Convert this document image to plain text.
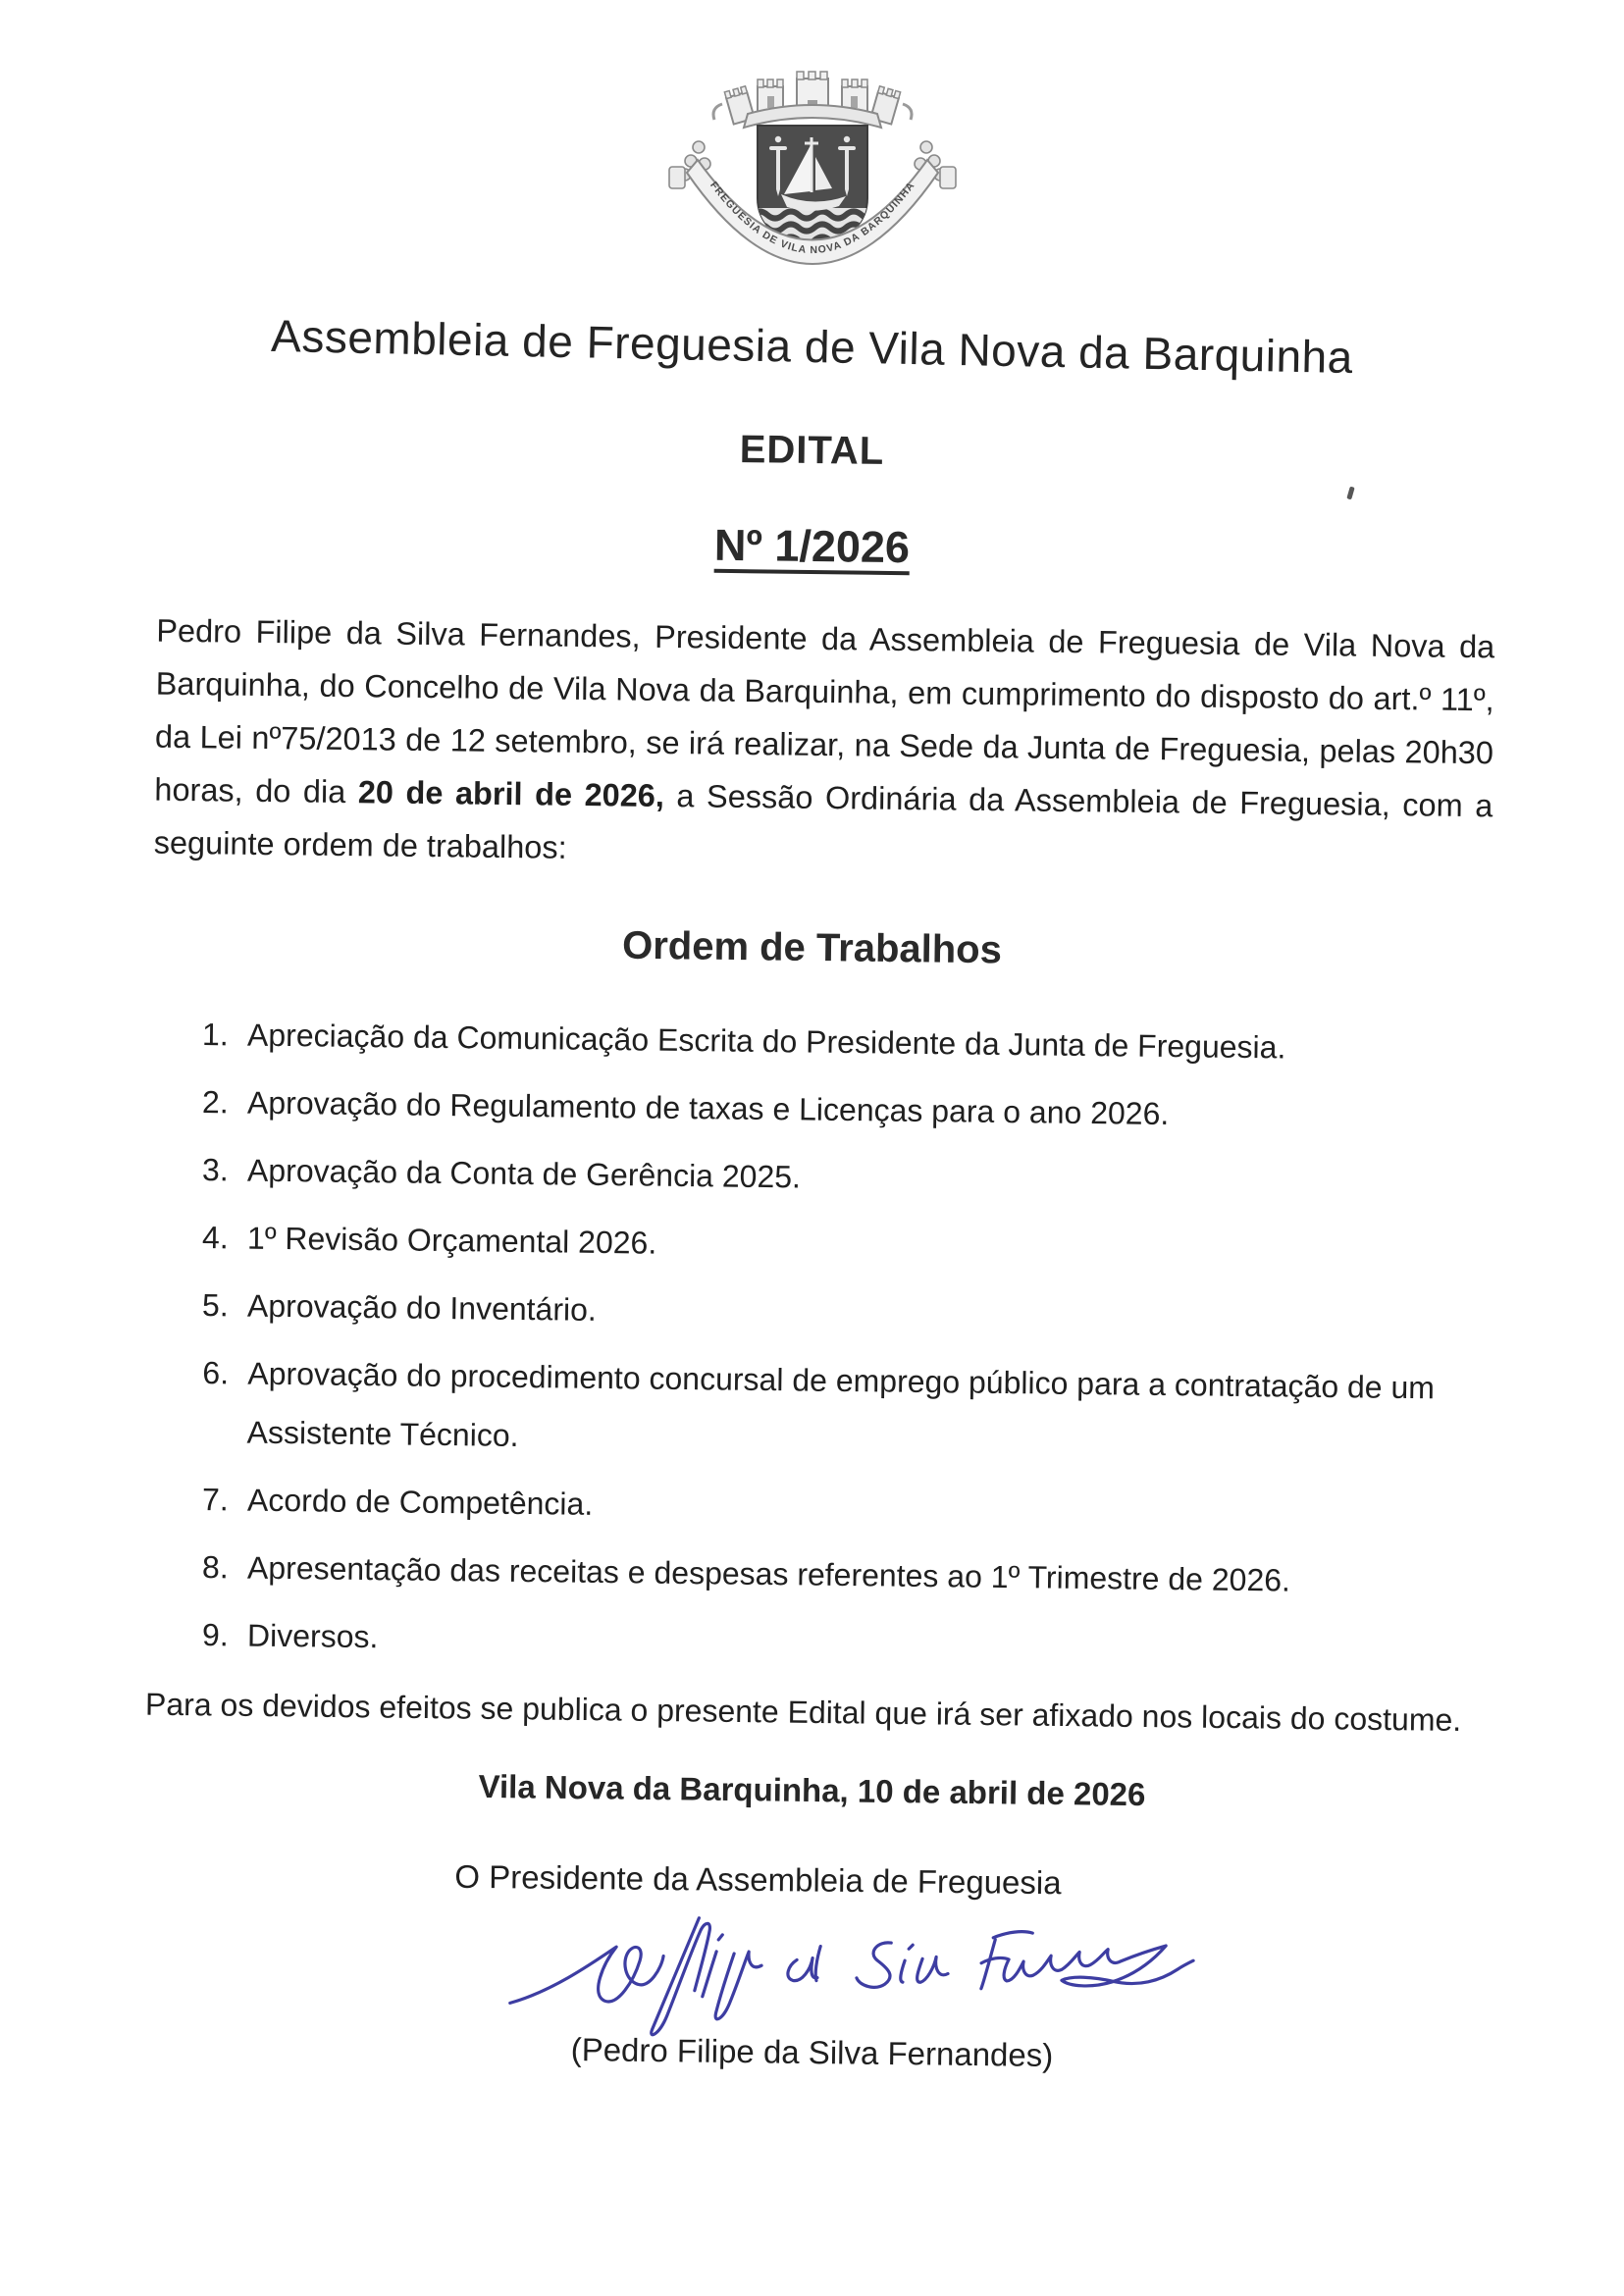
FREGUESIA DE VILA NOVA DA BARQUINHA
Assembleia de Freguesia de Vila Nova da Barquinha
EDITAL
Nº 1/2026

Pedro Filipe da Silva Fernandes, Presidente da Assembleia de Freguesia de Vila Nova da Barquinha, do Concelho de Vila Nova da Barquinha, em cumprimento do disposto do art.º 11º, da Lei nº75/2013 de 12 setembro, se irá realizar, na Sede da Junta de Freguesia, pelas 20h30 horas, do dia 20 de abril de 2026, a Sessão Ordinária da Assembleia de Freguesia, com a seguinte ordem de trabalhos:

Ordem de Trabalhos
1. Apreciação da Comunicação Escrita do Presidente da Junta de Freguesia.
2. Aprovação do Regulamento de taxas e Licenças para o ano 2026.
3. Aprovação da Conta de Gerência 2025.
4. 1º Revisão Orçamental 2026.
5. Aprovação do Inventário.
6. Aprovação do procedimento concursal de emprego público para a contratação de um Assistente Técnico.
7. Acordo de Competência.
8. Apresentação das receitas e despesas referentes ao 1º Trimestre de 2026.
9. Diversos.

Para os devidos efeitos se publica o presente Edital que irá ser afixado nos locais do costume.

Vila Nova da Barquinha, 10 de abril de 2026
O Presidente da Assembleia de Freguesia
(Pedro Filipe da Silva Fernandes)
